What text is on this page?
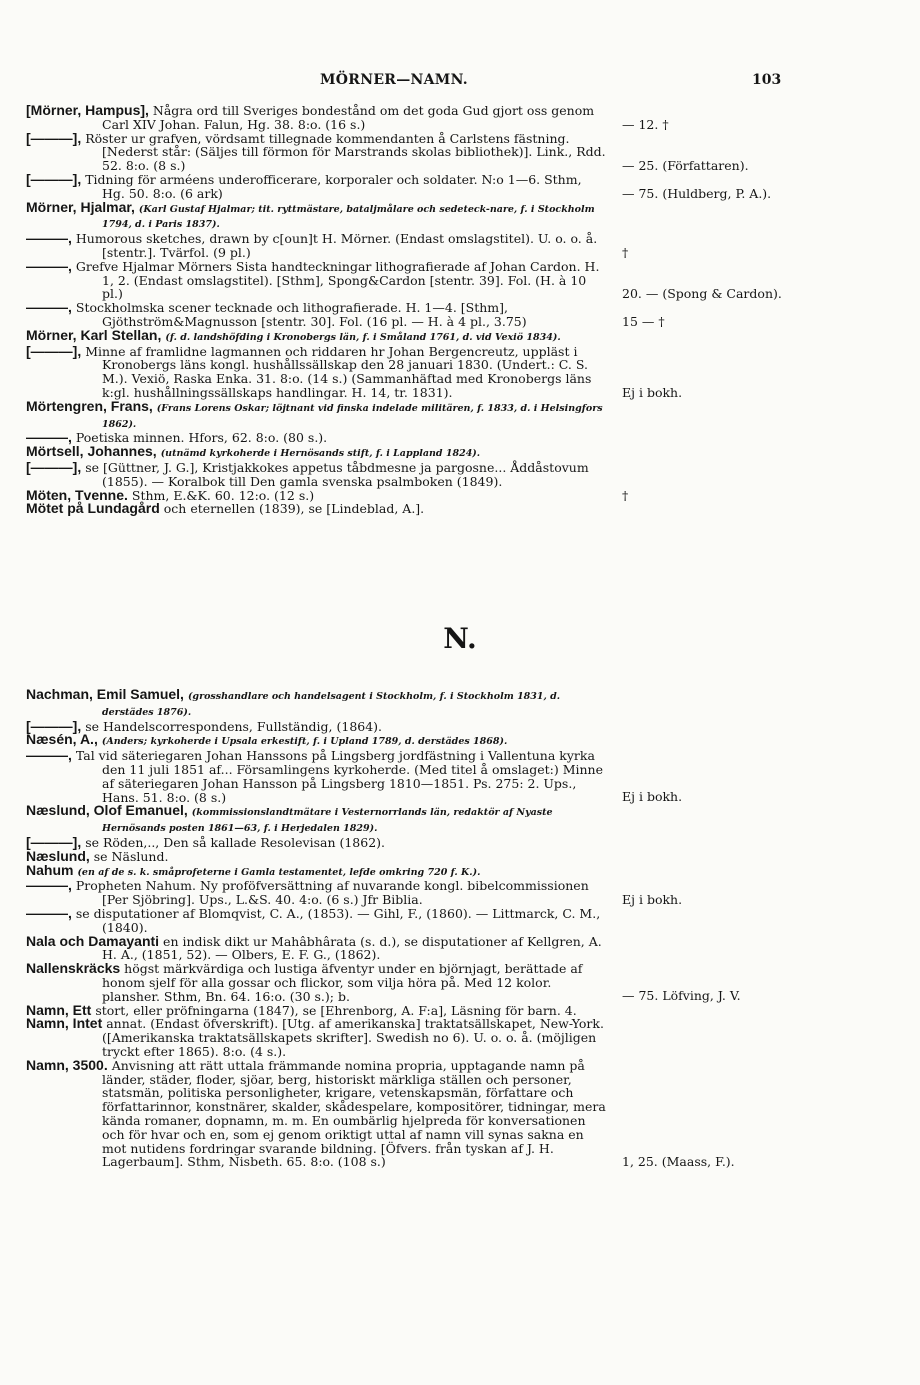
MÖRNER—NAMN.	103
[Mörner, Hampus], Några ord till Sveriges bondestånd om det goda Gud gjort oss genom Carl XIV Johan. Falun, Hg. 38. 8:o. (16 s.)	— 12. †
[———], Röster ur grafven, vördsamt tillegnade kommendanten å Carlstens fästning. [Nederst står: (Säljes till förmon för Marstrands skolas bibliothek)]. Link., Rdd. 52. 8:o. (8 s.)	— 25. (Författaren).
[———], Tidning för arméens underofficerare, korporaler och soldater. N:o 1—6. Sthm, Hg. 50. 8:o. (6 ark)	— 75. (Huldberg, P. A.).
Mörner, Hjalmar, (Karl Gustaf Hjalmar; tit. ryttmästare, bataljmålare och sedeteck-nare, f. i Stockholm 1794, d. i Paris 1837).
———, Humorous sketches, drawn by c[oun]t H. Mörner. (Endast omslagstitel). U. o. o. å. [stentr.]. Tvärfol. (9 pl.)	†
———, Grefve Hjalmar Mörners Sista handteckningar lithografierade af Johan Cardon. H. 1, 2. (Endast omslagstitel). [Sthm], Spong&Cardon [stentr. 39]. Fol. (H. à 10 pl.)	20. — (Spong & Cardon).
———, Stockholmska scener tecknade och lithografierade. H. 1—4. [Sthm], Gjöthström&Magnusson [stentr. 30]. Fol. (16 pl. — H. à 4 pl., 3.75)	15 — †
Mörner, Karl Stellan, (f. d. landshöfding i Kronobergs län, f. i Småland 1761, d. vid Vexiö 1834).
[———], Minne af framlidne lagmannen och riddaren hr Johan Bergencreutz, uppläst i Kronobergs läns kongl. hushållssällskap den 28 januari 1830. (Undert.: C. S. M.). Vexiö, Raska Enka. 31. 8:o. (14 s.) (Sammanhäftad med Kronobergs läns k:gl. hushållningssällskaps handlingar. H. 14, tr. 1831).	Ej i bokh.
Mörtengren, Frans, (Frans Lorens Oskar; löjtnant vid finska indelade militären, f. 1833, d. i Helsingfors 1862).
———, Poetiska minnen. Hfors, 62. 8:o. (80 s.).
Mörtsell, Johannes, (utnämd kyrkoherde i Hernösands stift, f. i Lappland 1824).
[———], se [Güttner, J. G.], Kristjakkokes appetus tåbdmesne ja pargosne... Åddåstovum (1855). — Koralbok till Den gamla svenska psalmboken (1849).
Möten, Tvenne. Sthm, E.&K. 60. 12:o. (12 s.)	†
Mötet på Lundagård och eternellen (1839), se [Lindeblad, A.].
N.
Nachman, Emil Samuel, (grosshandlare och handelsagent i Stockholm, f. i Stockholm 1831, d. derstädes 1876).
[———], se Handelscorrespondens, Fullständig, (1864).
Næsén, A., (Anders; kyrkoherde i Upsala erkestift, f. i Upland 1789, d. derstädes 1868).
———, Tal vid säteriegaren Johan Hanssons på Lingsberg jordfästning i Vallentuna kyrka den 11 juli 1851 af... Församlingens kyrkoherde. (Med titel å omslaget:) Minne af säteriegaren Johan Hansson på Lingsberg 1810—1851. Ps. 275: 2. Ups., Hans. 51. 8:o. (8 s.)	Ej i bokh.
Næslund, Olof Emanuel, (kommissionslandtmätare i Vesternorrlands län, redaktör af Nyaste Hernösands posten 1861—63, f. i Herjedalen 1829).
[———], se Röden,.., Den så kallade Resolevisan (1862).
Næslund, se Näslund.
Nahum (en af de s. k. småprofeterne i Gamla testamentet, lefde omkring 720 f. K.).
———, Propheten Nahum. Ny proföfversättning af nuvarande kongl. bibelcommissionen [Per Sjöbring]. Ups., L.&S. 40. 4:o. (6 s.) Jfr Biblia.	Ej i bokh.
———, se disputationer af Blomqvist, C. A., (1853). — Gihl, F., (1860). — Littmarck, C. M., (1840).
Nala och Damayanti en indisk dikt ur Mahâbhârata (s. d.), se disputationer af Kellgren, A. H. A., (1851, 52). — Olbers, E. F. G., (1862).
Nallenskräcks högst märkvärdiga och lustiga äfventyr under en björnjagt, berättade af honom sjelf för alla gossar och flickor, som vilja höra på. Med 12 kolor. plansher. Sthm, Bn. 64. 16:o. (30 s.); b.	— 75. Löfving, J. V.
Namn, Ett stort, eller pröfningarna (1847), se [Ehrenborg, A. F:a], Läsning för barn. 4.
Namn, Intet annat. (Endast öfverskrift). [Utg. af amerikanska] traktatsällskapet, New-York. ([Amerikanska traktatsällskapets skrifter]. Swedish no 6). U. o. o. å. (möjligen tryckt efter 1865). 8:o. (4 s.).
Namn, 3500. Anvisning att rätt uttala främmande nomina propria, upptagande namn på länder, städer, floder, sjöar, berg, historiskt märkliga ställen och personer, statsmän, politiska personligheter, krigare, vetenskapsmän, författare och författarinnor, konstnärer, skalder, skådespelare, kompositörer, tidningar, mera kända romaner, dopnamn, m. m. En oumbärlig hjelpreda för konversationen och för hvar och en, som ej genom oriktigt uttal af namn vill synas sakna en mot nutidens fordringar svarande bildning. [Öfvers. från tyskan af J. H. Lagerbaum]. Sthm, Nisbeth. 65. 8:o. (108 s.)	1, 25. (Maass, F.).
